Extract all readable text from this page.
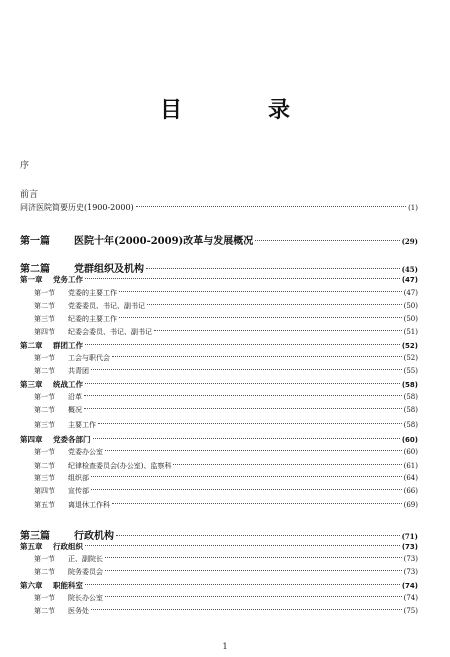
目　录
序
前言
同济医院简要历史(1900-2000)	(1)
第一篇	医院十年(2000-2009)改革与发展概况	(29)
第二篇	党群组织及机构	(45)
第一章	党务工作	(47)
第一节	党委的主要工作	(47)
第二节	党委委员、书记、副书记	(50)
第三节	纪委的主要工作	(50)
第四节	纪委会委员、书记、副书记	(51)
第二章	群团工作	(52)
第一节	工会与职代会	(52)
第二节	共青团	(55)
第三章	统战工作	(58)
第一节	沿革	(58)
第二节	概况	(58)
第三节	主要工作	(58)
第四章	党委各部门	(60)
第一节	党委办公室	(60)
第二节	纪律检查委员会(办公室)、监察科	(61)
第三节	组织部	(64)
第四节	宣传部	(66)
第五节	离退休工作科	(69)
第三篇	行政机构	(71)
第五章	行政组织	(73)
第一节	正、副院长	(73)
第二节	院务委员会	(73)
第六章	职能科室	(74)
第一节	院长办公室	(74)
第二节	医务处	(75)
1
